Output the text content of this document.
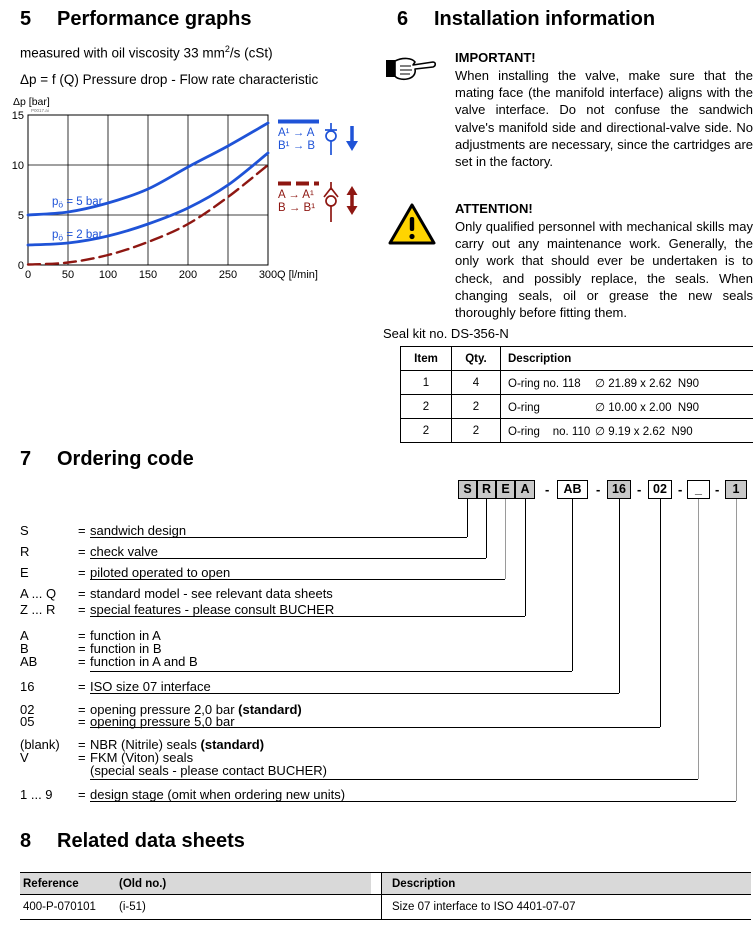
5 Performance graphs
measured with oil viscosity 33 $mm^2/s$ (cSt)
Δp = f (Q) Pressure drop - Flow rate characteristic
0
5
10
15
0	50 100 150 200 250 300 Q [l/min]
Δp [bar]
P0017.ai
$p_ö = 5$ bar
$p_ö = 2$ bar
A¹ → A
B¹ → B
A → A¹
B → B¹
6 Installation information
IMPORTANT!
When installing the valve, make sure that the mating face (the manifold interface) aligns with the valve interface. Do not confuse the sandwich valve's manifold side and directional-valve side. No adjustments are necessary, since the cartridges are set in the factory.
ATTENTION!
Only qualified personnel with mechanical skills may carry out any maintenance work. Generally, the only work that should ever be undertaken is to check, and possibly replace, the seals. When changing seals, oil or grease the new seals thoroughly before fitting them.
Seal kit no. DS-356-N
Item	Qty.	Description
1	4	O-ring no. 118 ∅ 21.89 x 2.62  N90
2	2	O-ring ∅ 10.00 x 2.00  N90
2	2	O-ring    no. 110 ∅ 9.19 x 2.62  N90
7 Ordering code
S R E A	AB	16	02	_	1
-	-	-	-	-
S	= sandwich design
R	= check valve
E	= piloted operated to open
A ... Q = standard model - see relevant data sheets
Z ... R = special features - please consult BUCHER
A	= function in A
B	= function in B
AB	= function in A and B
16	= ISO size 07 interface
02	= opening pressure 2,0 bar (standard)
05	= opening pressure 5,0 bar
(blank) = NBR (Nitrile) seals (standard)
V	= FKM (Viton) seals
(special seals - please contact BUCHER)
1 ... 9 = design stage (omit when ordering new units)
8 Related data sheets
Reference	(Old no.)		Description
400-P-070101	(i-51)		Size 07 interface to ISO 4401-07-07
